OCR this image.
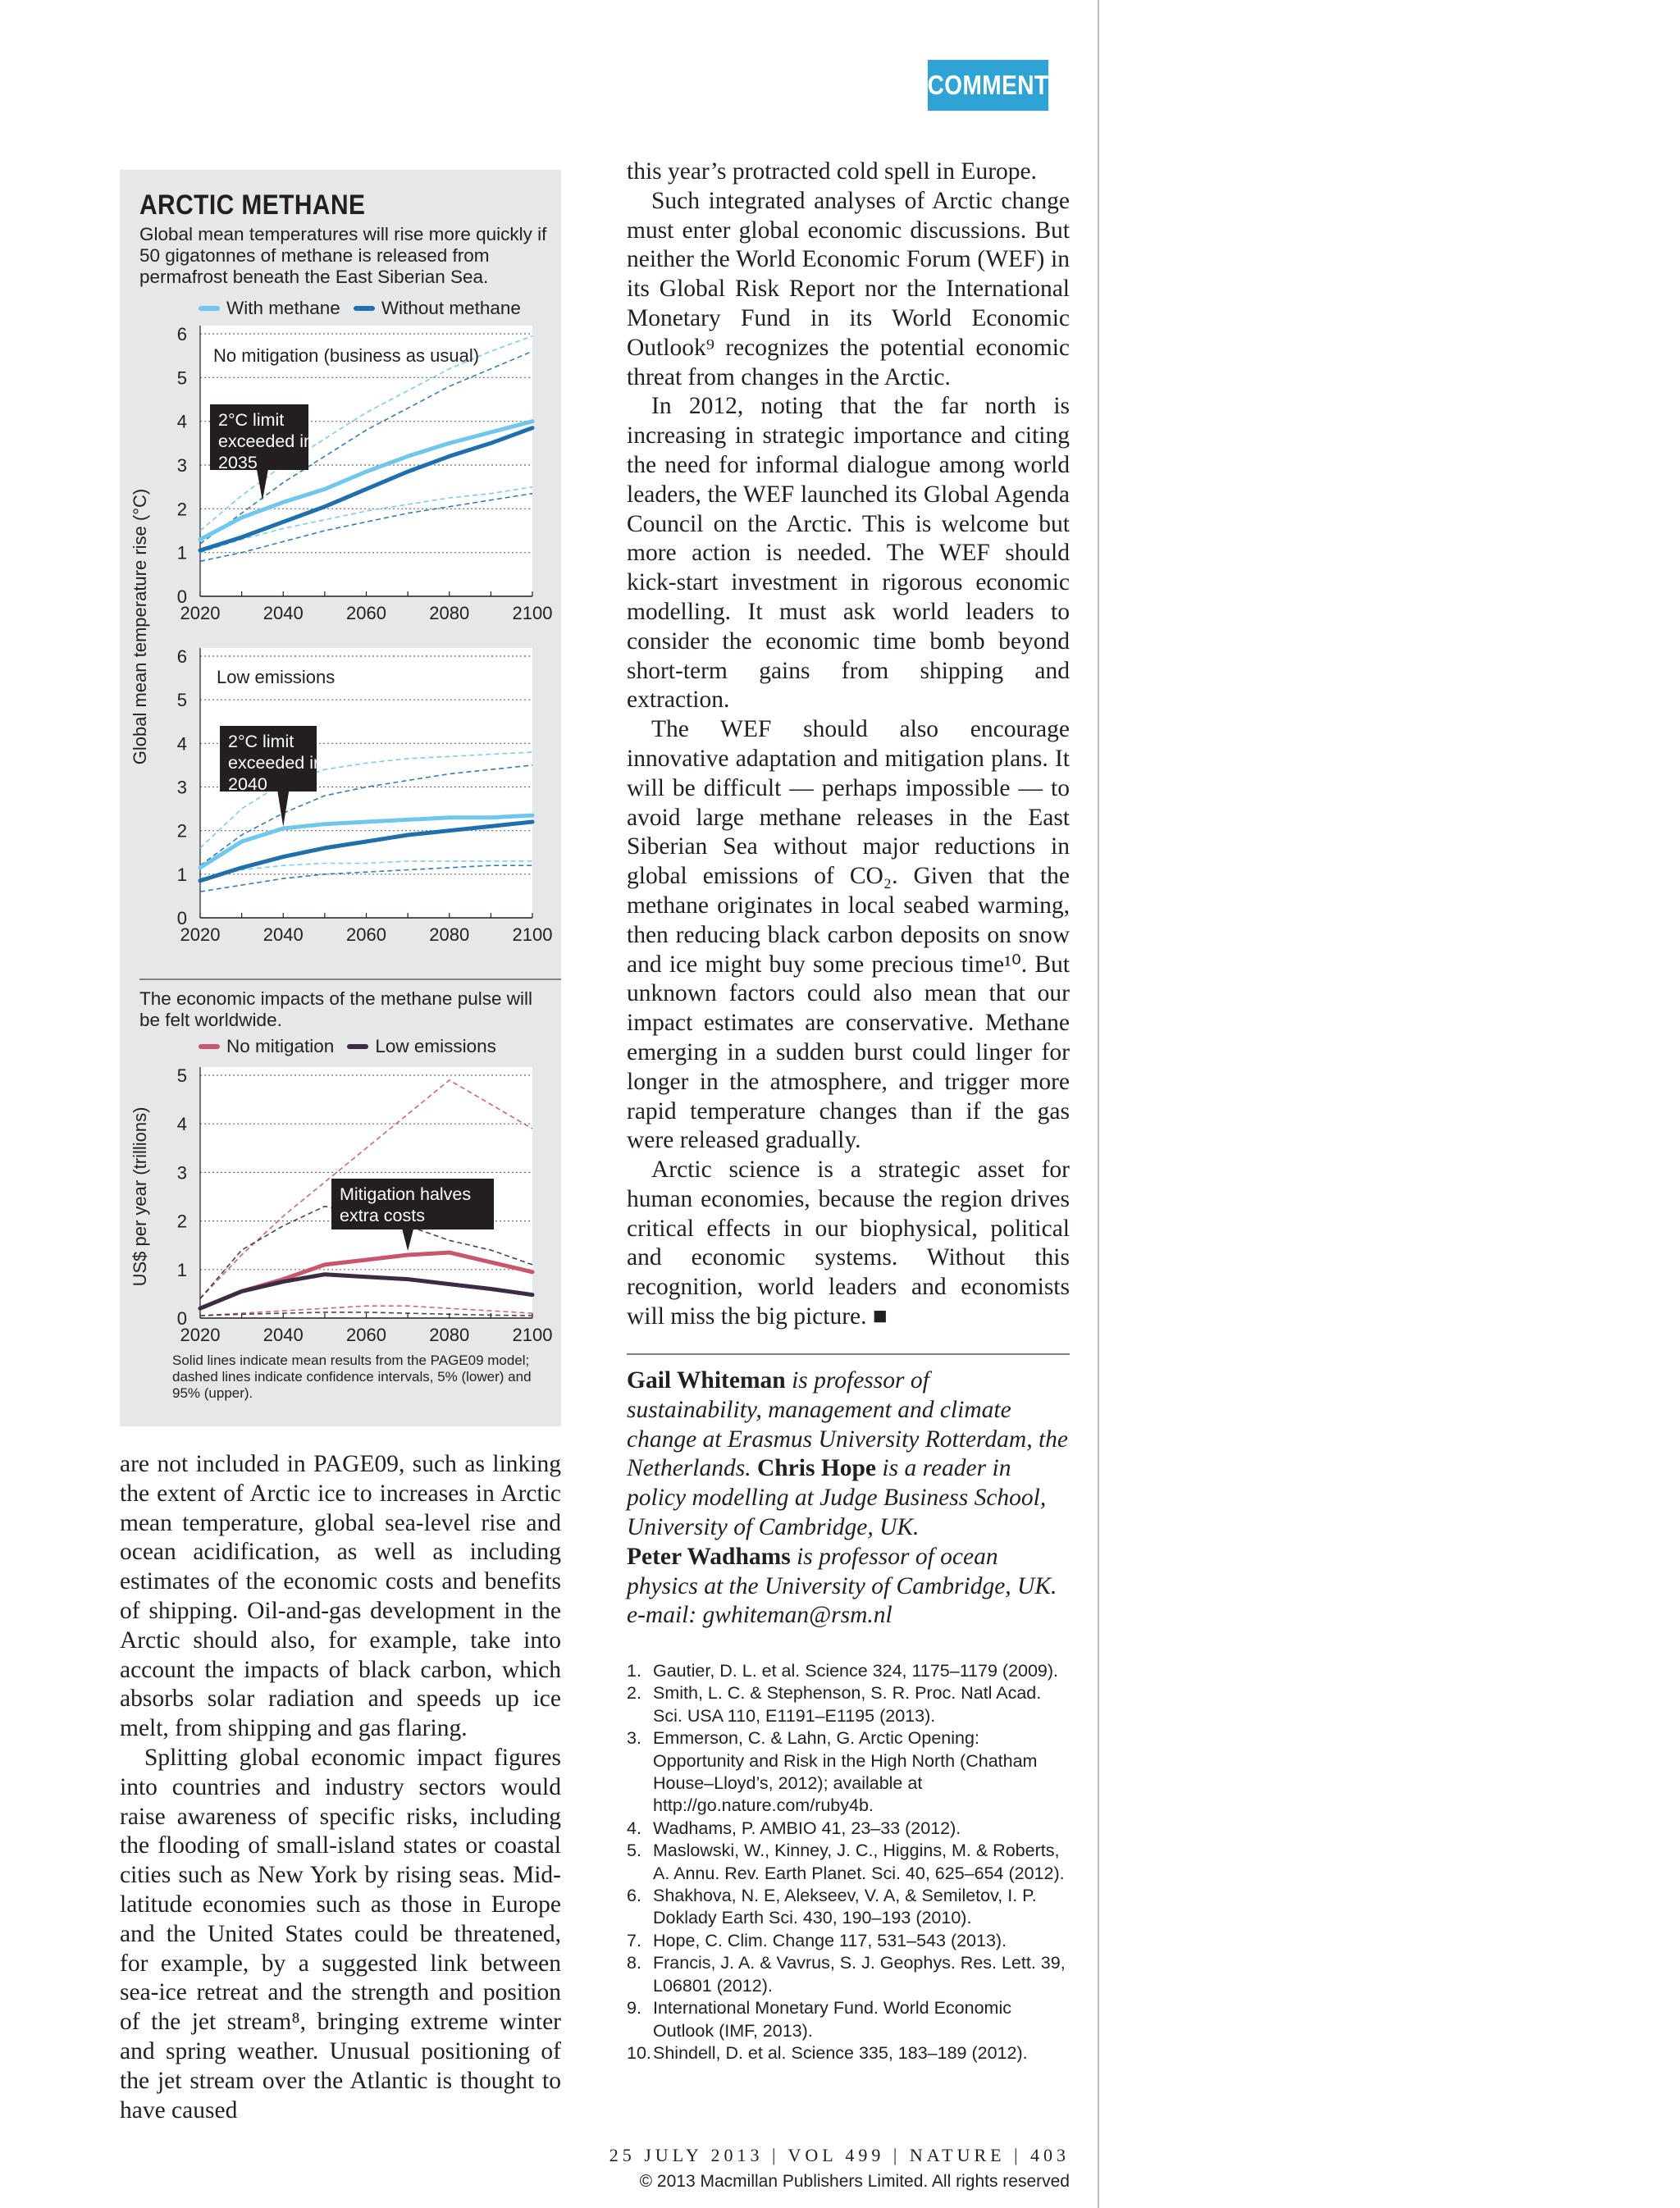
COMMENT
ARCTIC METHANE
Global mean temperatures will rise more quickly if 50 gigatonnes of methane is released from permafrost beneath the East Siberian Sea.
With methane Without methane
The economic impacts of the methane pulse will be felt worldwide.
No mitigation Low emissions
0
1
2
3
4
5
6
2020 2040 2060 2080 2100
No mitigation (business as usual)
2°C limit
exceeded in
2035
0
1
2
3
4
5
6
2020 2040 2060 2080 2100
Low emissions
2°C limit
exceeded in
2040
0
1
2
3
4
5
2020 2040 2060 2080 2100
Mitigation halves
extra costs
US$ per year (trillions)
Global mean temperature rise (°C)
Solid lines indicate mean results from the PAGE09 model; dashed lines indicate confidence intervals, 5% (lower) and 95% (upper).

are not included in PAGE09, such as linking the extent of Arctic ice to increases in Arctic mean temperature, global sea-level rise and ocean acidification, as well as including estimates of the economic costs and benefits of shipping. Oil-and-gas development in the Arctic should also, for example, take into account the impacts of black carbon, which absorbs solar radiation and speeds up ice melt, from shipping and gas flaring.

Splitting global economic impact figures into countries and industry sectors would raise awareness of specific risks, including the flooding of small-island states or coastal cities such as New York by rising seas. Mid-latitude economies such as those in Europe and the United States could be threatened, for example, by a suggested link between sea-ice retreat and the strength and position of the jet stream⁸, bringing extreme winter and spring weather. Unusual positioning of the jet stream over the Atlantic is thought to have caused

this year’s protracted cold spell in Europe.

Such integrated analyses of Arctic change must enter global economic discussions. But neither the World Economic Forum (WEF) in its Global Risk Report nor the International Monetary Fund in its World Economic Outlook⁹ recognizes the potential economic threat from changes in the Arctic.

In 2012, noting that the far north is increasing in strategic importance and citing the need for informal dialogue among world leaders, the WEF launched its Global Agenda Council on the Arctic. This is welcome but more action is needed. The WEF should kick-start investment in rigorous economic modelling. It must ask world leaders to consider the economic time bomb beyond short-term gains from shipping and extraction.

The WEF should also encourage innovative adaptation and mitigation plans. It will be difficult — perhaps impossible — to avoid large methane releases in the East Siberian Sea without major reductions in global emissions of CO₂. Given that the methane originates in local seabed warming, then reducing black carbon deposits on snow and ice might buy some precious time¹⁰. But unknown factors could also mean that our impact estimates are conservative. Methane emerging in a sudden burst could linger for longer in the atmosphere, and trigger more rapid temperature changes than if the gas were released gradually.

Arctic science is a strategic asset for human economies, because the region drives critical effects in our biophysical, political and economic systems. Without this recognition, world leaders and economists will miss the big picture. ■

Gail Whiteman is professor of sustainability, management and climate change at Erasmus University Rotterdam, the Netherlands. Chris Hope is a reader in policy modelling at Judge Business School, University of Cambridge, UK.
Peter Wadhams is professor of ocean physics at the University of Cambridge, UK.
e-mail: gwhiteman@rsm.nl
1. Gautier, D. L. et al. Science 324, 1175–1179 (2009).
2. Smith, L. C. & Stephenson, S. R. Proc. Natl Acad. Sci. USA 110, E1191–E1195 (2013).
3. Emmerson, C. & Lahn, G. Arctic Opening: Opportunity and Risk in the High North (Chatham House–Lloyd’s, 2012); available at http://go.nature.com/ruby4b.
4. Wadhams, P. AMBIO 41, 23–33 (2012).
5. Maslowski, W., Kinney, J. C., Higgins, M. & Roberts, A. Annu. Rev. Earth Planet. Sci. 40, 625–654 (2012).
6. Shakhova, N. E, Alekseev, V. A, & Semiletov, I. P. Doklady Earth Sci. 430, 190–193 (2010).
7. Hope, C. Clim. Change 117, 531–543 (2013).
8. Francis, J. A. & Vavrus, S. J. Geophys. Res. Lett. 39, L06801 (2012).
9. International Monetary Fund. World Economic Outlook (IMF, 2013).
10. Shindell, D. et al. Science 335, 183–189 (2012).
25 JULY 2013 | VOL 499 | NATURE | 403
© 2013 Macmillan Publishers Limited. All rights reserved
